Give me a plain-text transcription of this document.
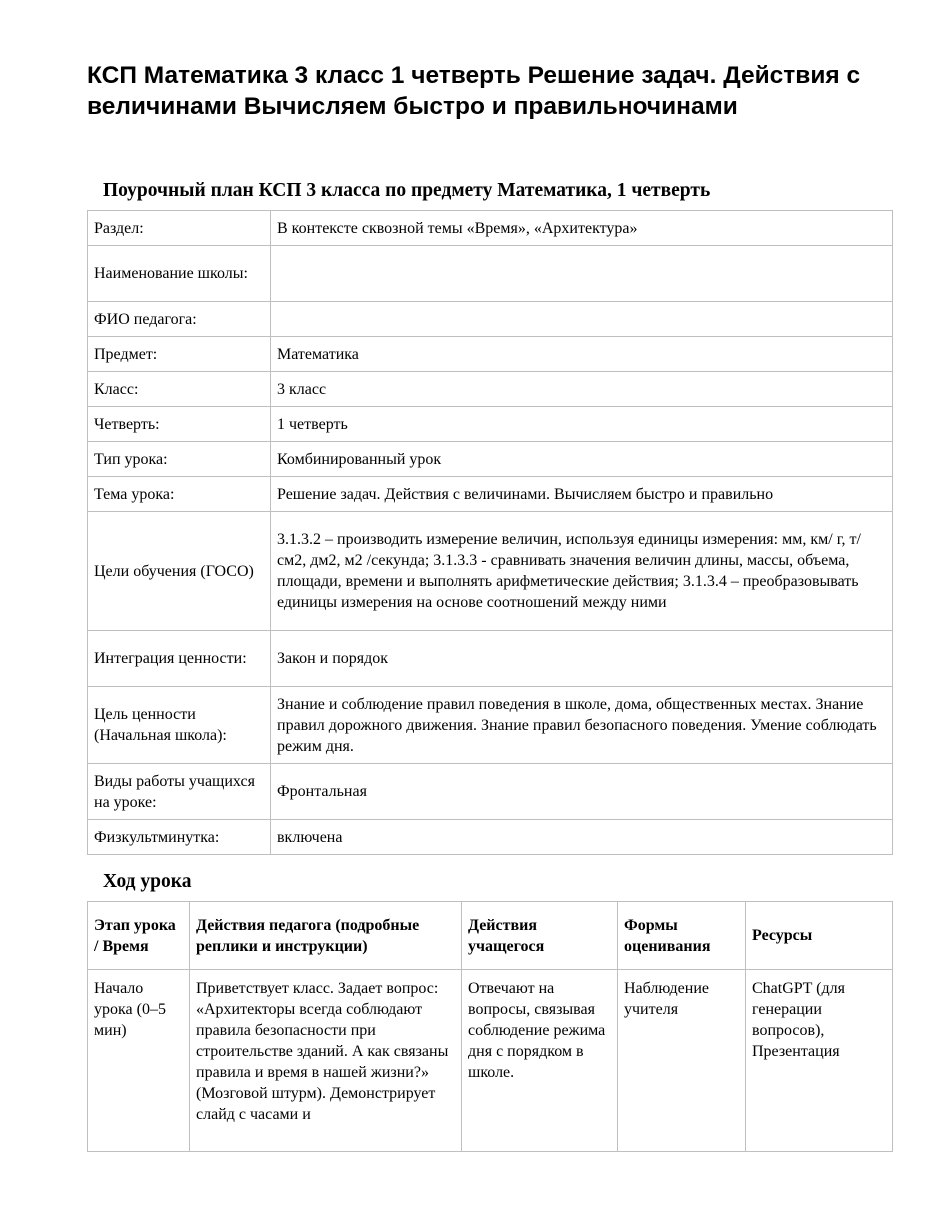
КСП Математика 3 класс 1 четверть Решение задач. Действия с величинами Вычисляем быстро и правильночинами
Поурочный план КСП 3 класса по предмету Математика, 1 четверть
Раздел:	В контексте сквозной темы «Время», «Архитектура»
Наименование школы:	
ФИО педагога:	
Предмет:	Математика
Класс:	3 класс
Четверть:	1 четверть
Тип урока:	Комбинированный урок
Тема урока:	Решение задач. Действия с величинами. Вычисляем быстро и правильно
Цели обучения (ГОСО)	3.1.3.2 – производить измерение величин, используя единицы измерения: мм, км/ г, т/см2, дм2, м2 /секунда; 3.1.3.3 - сравнивать значения величин длины, массы, объема, площади, времени и выполнять арифметические действия; 3.1.3.4 – преобразовывать единицы измерения на основе соотношений между ними
Интеграция ценности:	Закон и порядок
Цель ценности (Начальная школа):	Знание и соблюдение правил поведения в школе, дома, общественных местах. Знание правил дорожного движения. Знание правил безопасного поведения. Умение соблюдать режим дня.
Виды работы учащихся на уроке:	Фронтальная
Физкультминутка:	включена
Ход урока
Этап урока / Время	Действия педагога (подробные реплики и инструкции)	Действия учащегося	Формы оценивания	Ресурсы
Начало урока (0–5 мин)	Приветствует класс. Задает вопрос: «Архитекторы всегда соблюдают правила безопасности при строительстве зданий. А как связаны правила и время в нашей жизни?» (Мозговой штурм). Демонстрирует слайд с часами и	Отвечают на вопросы, связывая соблюдение режима дня с порядком в школе.	Наблюдение учителя	ChatGPT (для генерации вопросов), Презентация
